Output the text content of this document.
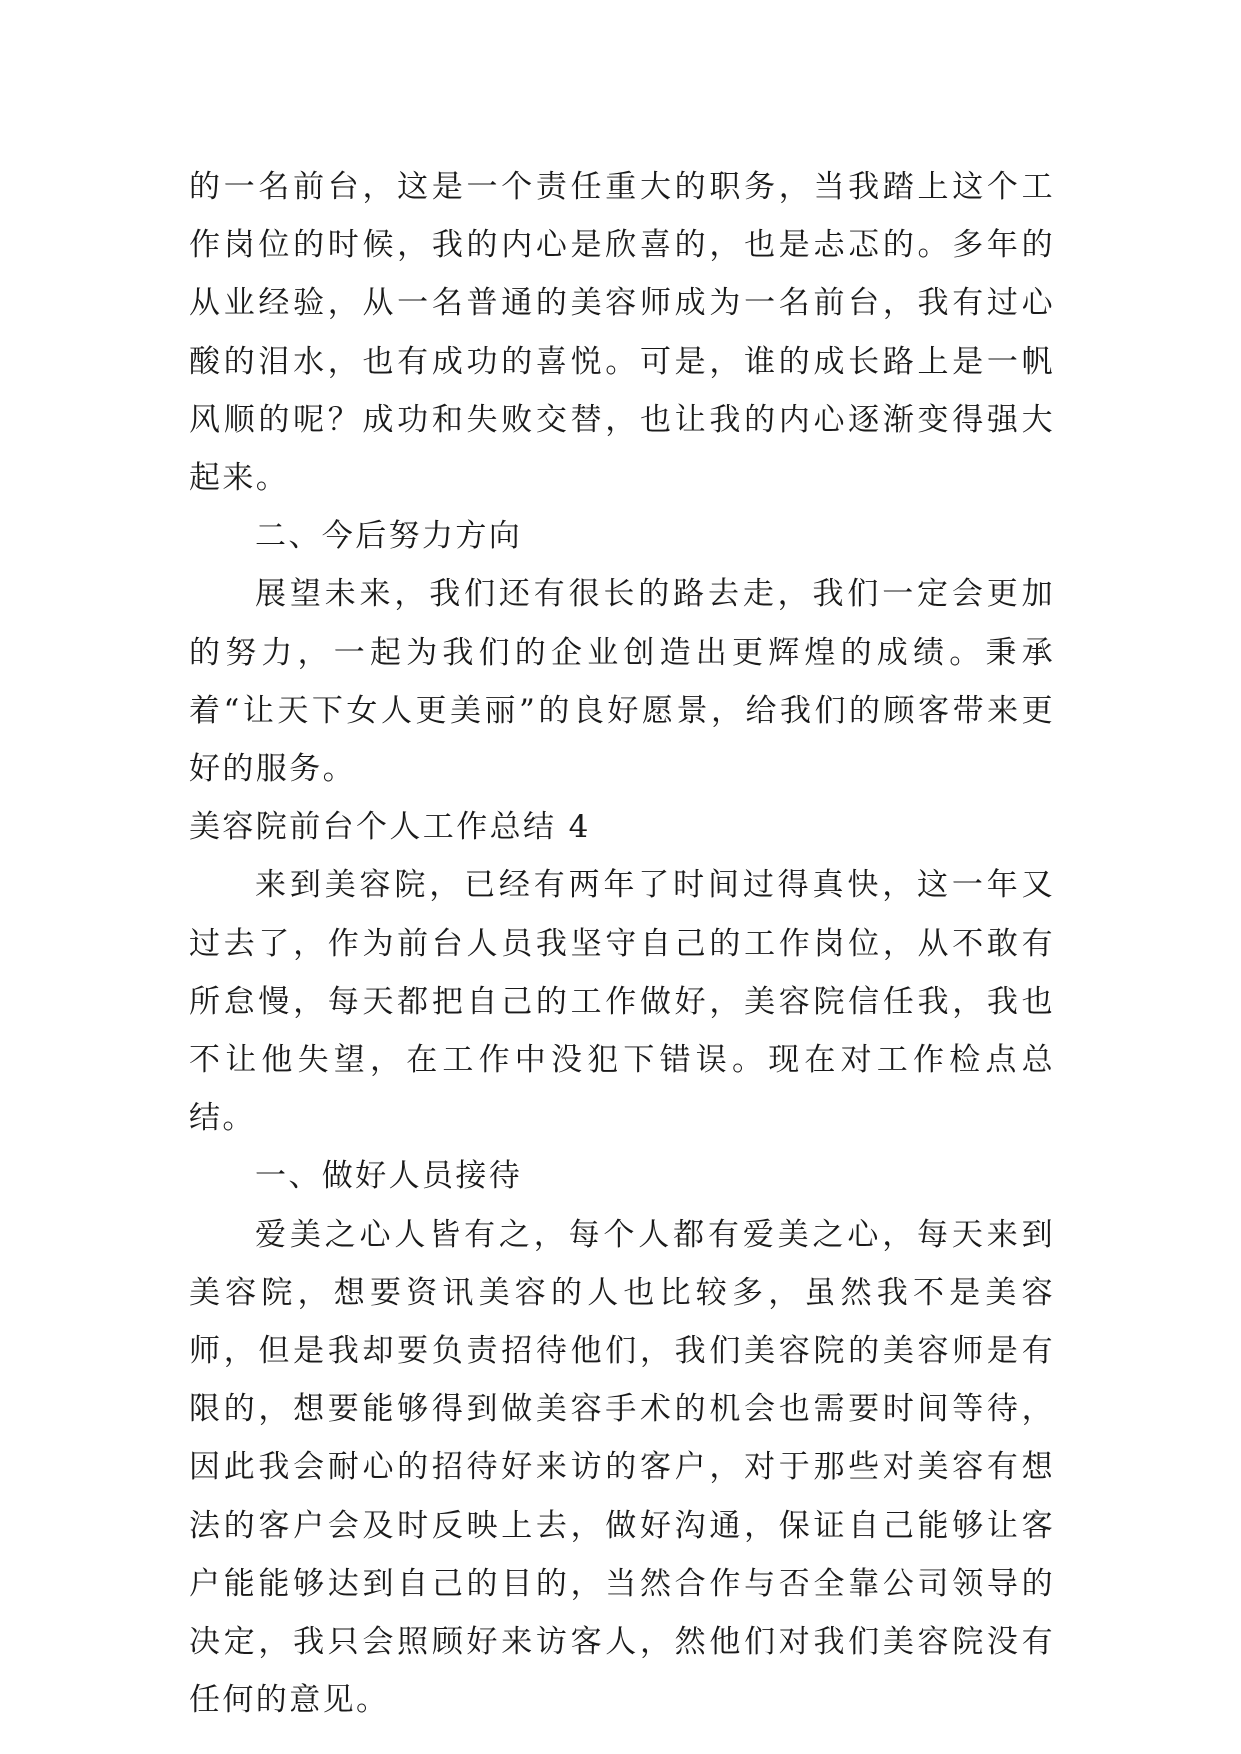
的一名前台，这是一个责任重大的职务，当我踏上这个工作岗位的时候，我的内心是欣喜的，也是忐忑的。多年的从业经验，从一名普通的美容师成为一名前台，我有过心酸的泪水，也有成功的喜悦。可是，谁的成长路上是一帆风顺的呢？成功和失败交替，也让我的内心逐渐变得强大起来。

二、今后努力方向

展望未来，我们还有很长的路去走，我们一定会更加的努力，一起为我们的企业创造出更辉煌的成绩。秉承着“让天下女人更美丽”的良好愿景，给我们的顾客带来更好的服务。

美容院前台个人工作总结 4

来到美容院，已经有两年了时间过得真快，这一年又过去了，作为前台人员我坚守自己的工作岗位，从不敢有所怠慢，每天都把自己的工作做好，美容院信任我，我也不让他失望，在工作中没犯下错误。现在对工作检点总结。

一、做好人员接待

爱美之心人皆有之，每个人都有爱美之心，每天来到美容院，想要资讯美容的人也比较多，虽然我不是美容师，但是我却要负责招待他们，我们美容院的美容师是有限的，想要能够得到做美容手术的机会也需要时间等待，因此我会耐心的招待好来访的客户，对于那些对美容有想法的客户会及时反映上去，做好沟通，保证自己能够让客户能能够达到自己的目的，当然合作与否全靠公司领导的决定，我只会照顾好来访客人，然他们对我们美容院没有任何的意见。
